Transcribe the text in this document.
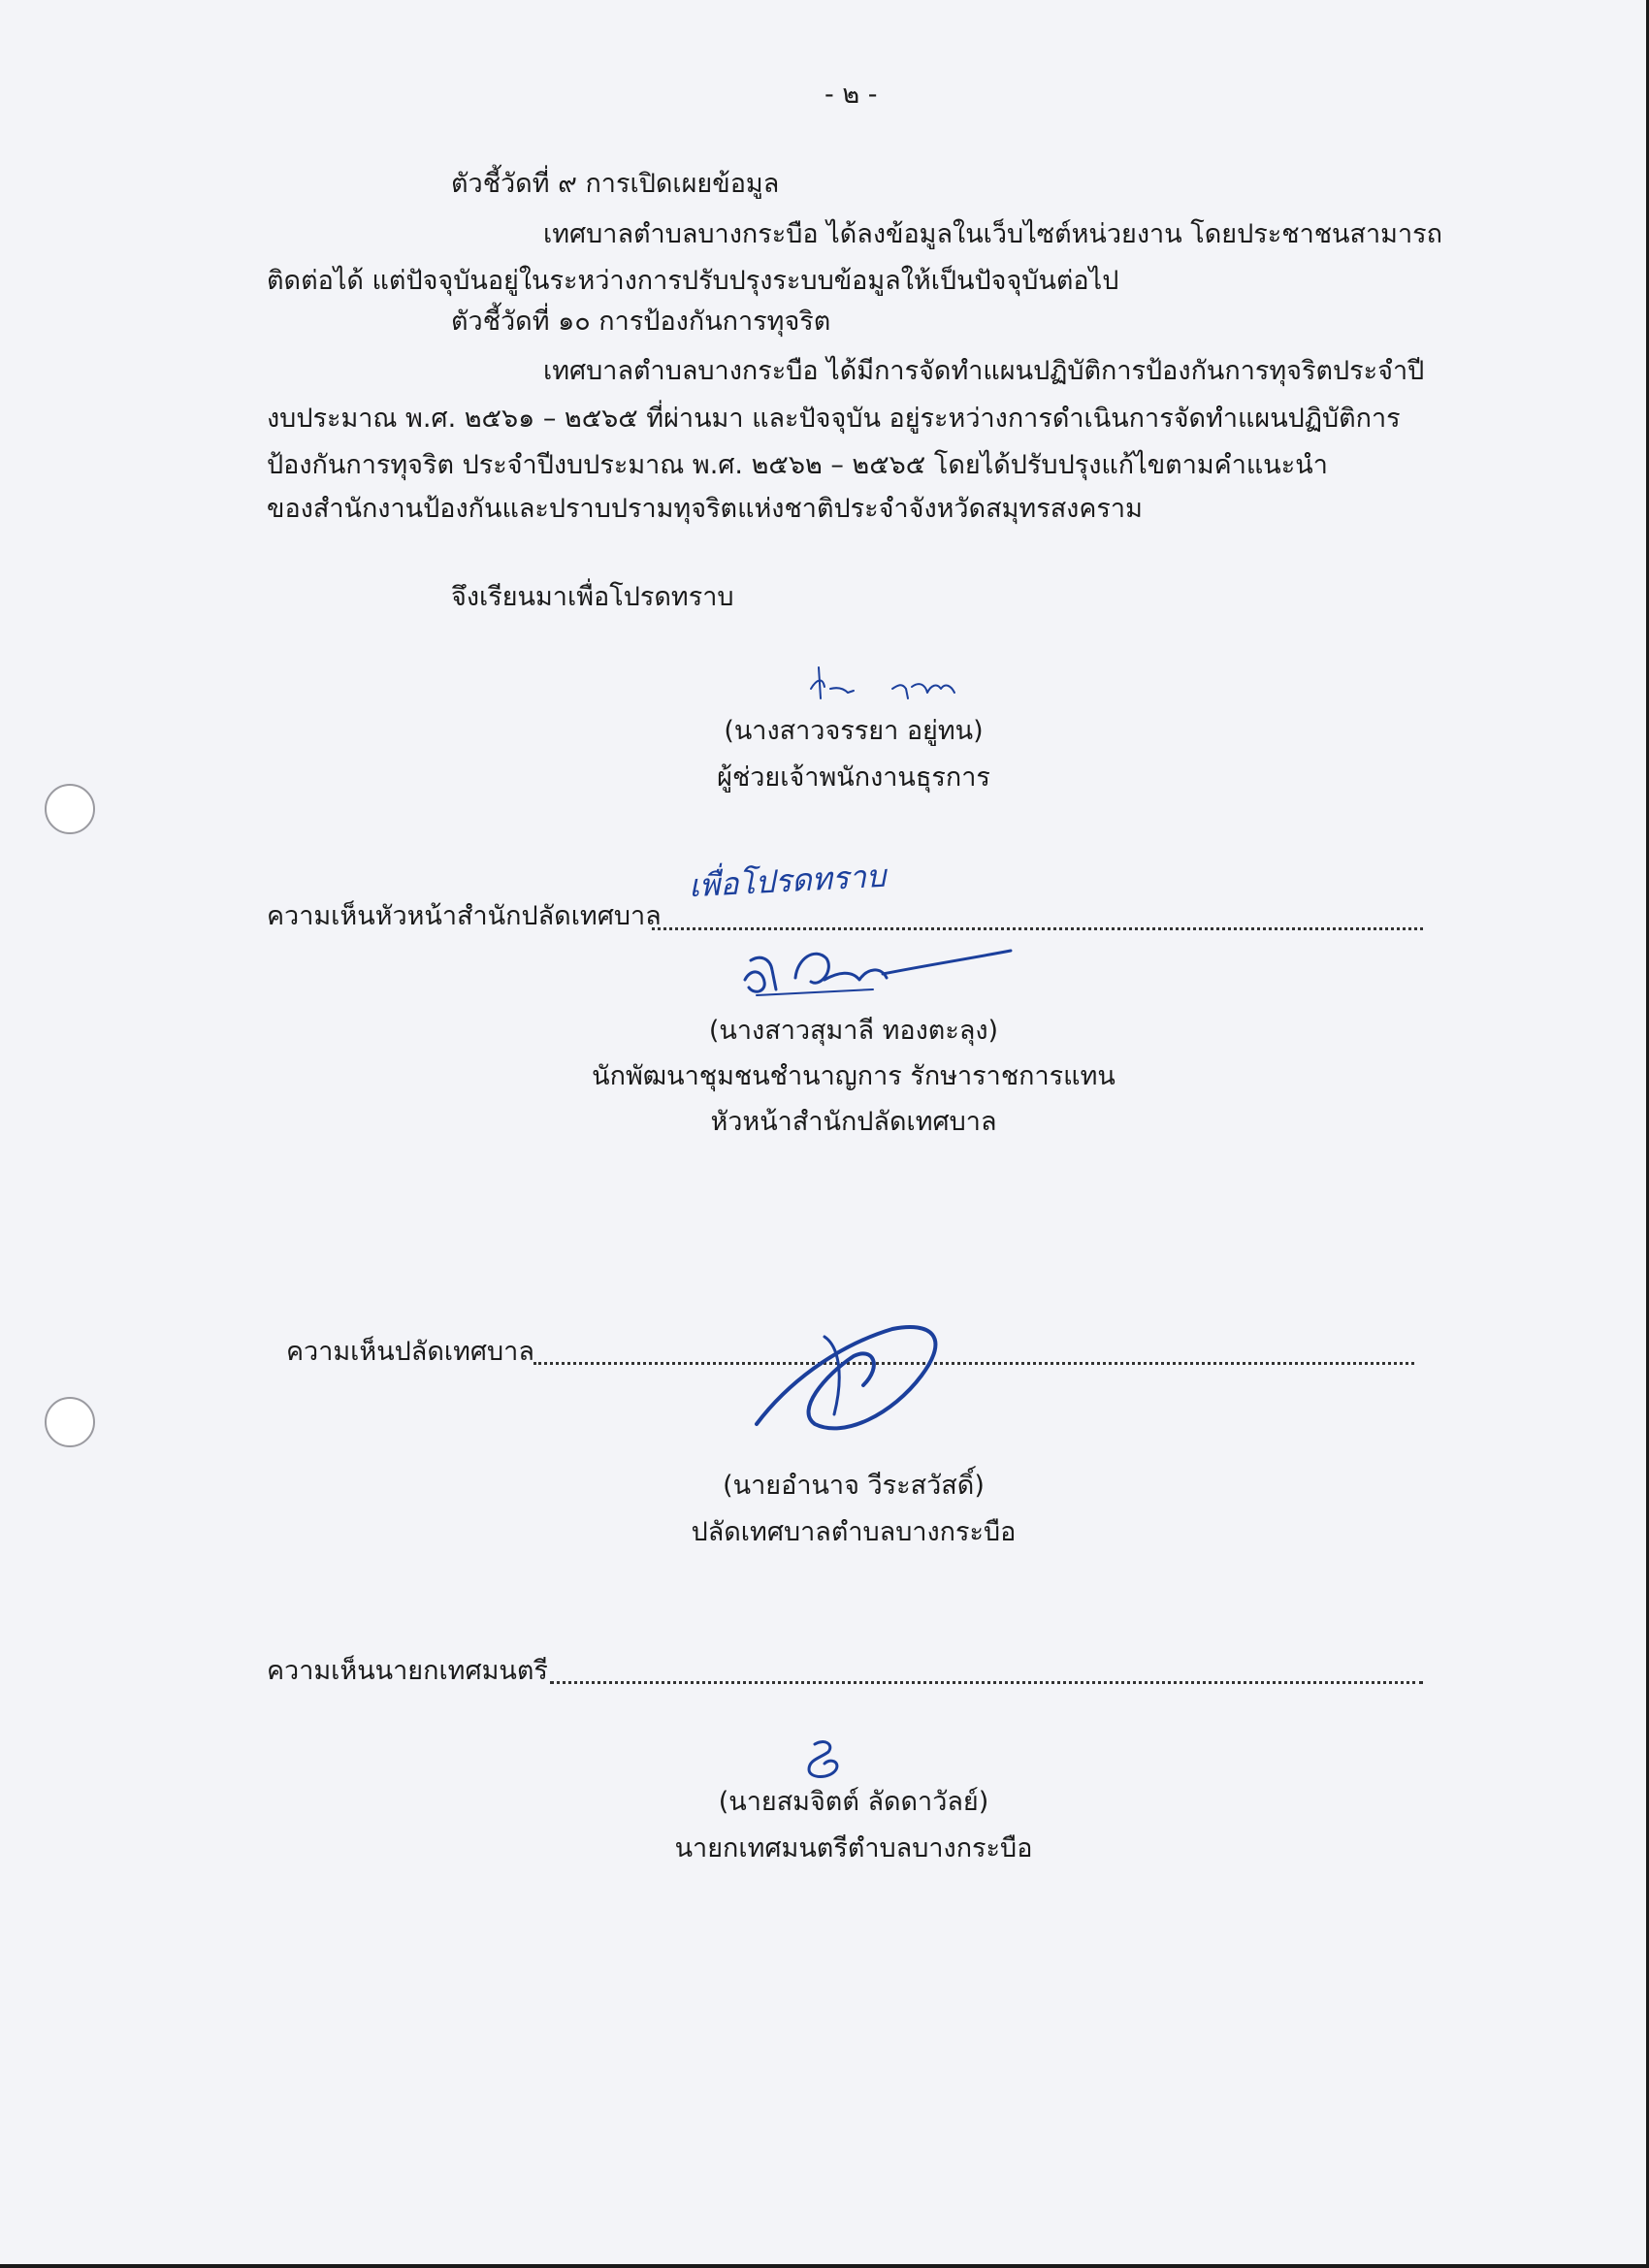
- ๒ -
ตัวชี้วัดที่ ๙ การเปิดเผยข้อมูล
เทศบาลตำบลบางกระบือ ได้ลงข้อมูลในเว็บไซต์หน่วยงาน โดยประชาชนสามารถ
ติดต่อได้ แต่ปัจจุบันอยู่ในระหว่างการปรับปรุงระบบข้อมูลให้เป็นปัจจุบันต่อไป
ตัวชี้วัดที่ ๑๐ การป้องกันการทุจริต
เทศบาลตำบลบางกระบือ ได้มีการจัดทำแผนปฏิบัติการป้องกันการทุจริตประจำปี
งบประมาณ พ.ศ. ๒๕๖๑ – ๒๕๖๕ ที่ผ่านมา และปัจจุบัน อยู่ระหว่างการดำเนินการจัดทำแผนปฏิบัติการ
ป้องกันการทุจริต ประจำปีงบประมาณ พ.ศ. ๒๕๖๒ – ๒๕๖๕ โดยได้ปรับปรุงแก้ไขตามคำแนะนำ
ของสำนักงานป้องกันและปราบปรามทุจริตแห่งชาติประจำจังหวัดสมุทรสงคราม
จึงเรียนมาเพื่อโปรดทราบ
(นางสาวจรรยา อยู่ทน)
ผู้ช่วยเจ้าพนักงานธุรการ
ความเห็นหัวหน้าสำนักปลัดเทศบาล
เพื่อโปรดทราบ
(นางสาวสุมาลี ทองตะลุง)
นักพัฒนาชุมชนชำนาญการ รักษาราชการแทน
หัวหน้าสำนักปลัดเทศบาล
ความเห็นปลัดเทศบาล
(นายอำนาจ วีระสวัสดิ์)
ปลัดเทศบาลตำบลบางกระบือ
ความเห็นนายกเทศมนตรี
(นายสมจิตต์ ลัดดาวัลย์)
นายกเทศมนตรีตำบลบางกระบือ
